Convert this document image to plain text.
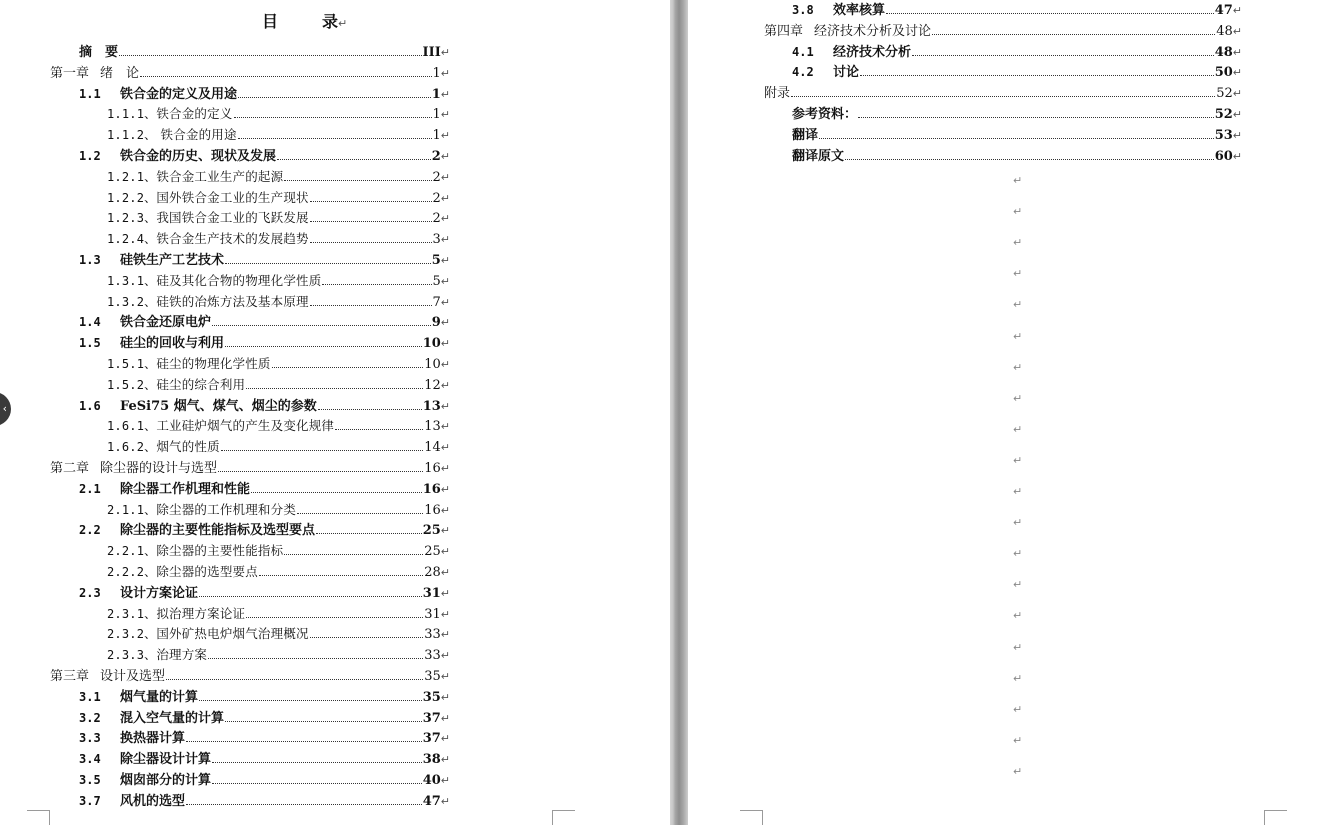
目	录↵
摘　要	III ↵
第一章 绪　论	1 ↵
1.1 铁合金的定义及用途	1 ↵
1.1.1、铁合金的定义	1 ↵
1.1.2、 铁合金的用途	1 ↵
1.2 铁合金的历史、现状及发展	2 ↵
1.2.1、铁合金工业生产的起源	2 ↵
1.2.2、国外铁合金工业的生产现状	2 ↵
1.2.3、我国铁合金工业的飞跃发展	2 ↵
1.2.4、铁合金生产技术的发展趋势	3 ↵
1.3 硅铁生产工艺技术	5 ↵
1.3.1、硅及其化合物的物理化学性质	5 ↵
1.3.2、硅铁的冶炼方法及基本原理	7 ↵
1.4 铁合金还原电炉	9 ↵
1.5 硅尘的回收与利用	10 ↵
1.5.1、硅尘的物理化学性质	10 ↵
1.5.2、硅尘的综合利用	12 ↵
1.6 FeSi75 烟气、煤气、烟尘的参数	13 ↵
1.6.1、工业硅炉烟气的产生及变化规律	13 ↵
1.6.2、烟气的性质	14 ↵
第二章 除尘器的设计与选型	16 ↵
2.1 除尘器工作机理和性能	16 ↵
2.1.1、除尘器的工作机理和分类	16 ↵
2.2 除尘器的主要性能指标及选型要点	25 ↵
2.2.1、除尘器的主要性能指标	25 ↵
2.2.2、除尘器的选型要点	28 ↵
2.3 设计方案论证	31 ↵
2.3.1、拟治理方案论证	31 ↵
2.3.2、国外矿热电炉烟气治理概况	33 ↵
2.3.3、治理方案	33 ↵
第三章 设计及选型	35 ↵
3.1 烟气量的计算	35 ↵
3.2 混入空气量的计算	37 ↵
3.3 换热器计算	37 ↵
3.4 除尘器设计计算	38 ↵
3.5 烟囱部分的计算	40 ↵
3.7 风机的选型	47 ↵
‹
3.8 效率核算	47 ↵
第四章 经济技术分析及讨论	48 ↵
4.1 经济技术分析	48 ↵
4.2 讨论	50 ↵
附录	52 ↵
参考资料：	52 ↵
翻译	53 ↵
翻译原文	60 ↵
↵
↵
↵
↵
↵
↵
↵
↵
↵
↵
↵
↵
↵
↵
↵
↵
↵
↵
↵
↵
